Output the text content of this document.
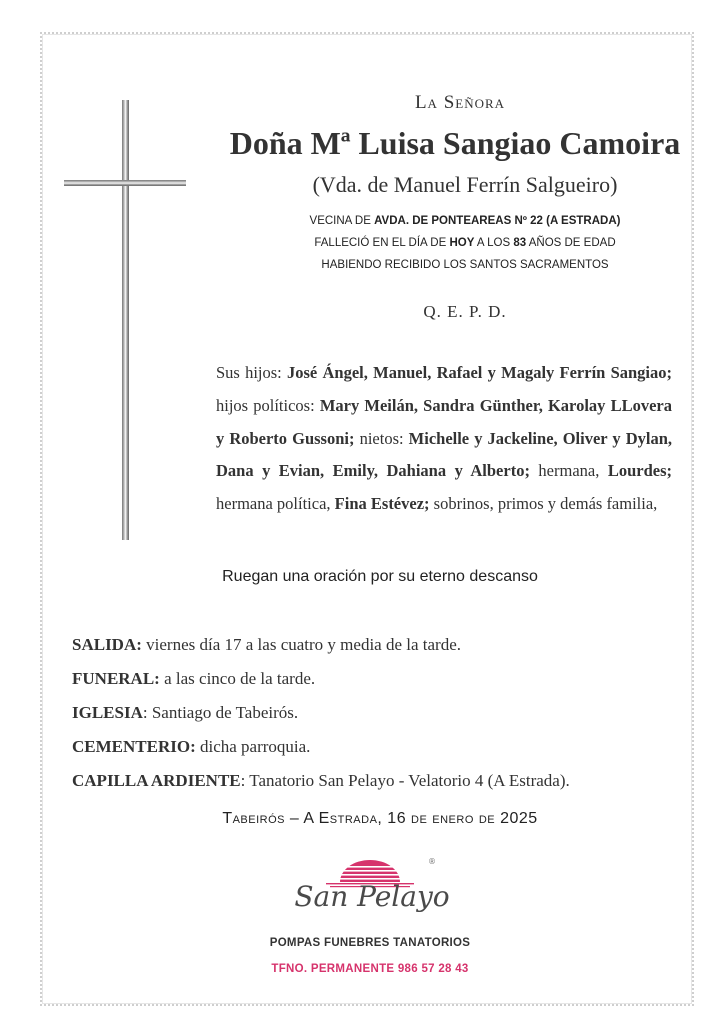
La Señora
Doña Mª Luisa Sangiao Camoira
(Vda. de Manuel Ferrín Salgueiro)
VECINA DE AVDA. DE PONTEAREAS Nº 22 (A ESTRADA)
FALLECIÓ EN EL DÍA DE HOY A LOS 83 AÑOS DE EDAD
HABIENDO RECIBIDO LOS SANTOS SACRAMENTOS
Q. E. P. D.
Sus hijos: José Ángel, Manuel, Rafael y Magaly Ferrín Sangiao; hijos políticos: Mary Meilán, Sandra Günther, Karolay LLovera y Roberto Gussoni; nietos: Michelle y Jackeline, Oliver y Dylan, Dana y Evian, Emily, Dahiana y Alberto; hermana, Lourdes; hermana política, Fina Estévez; sobrinos, primos y demás familia,
Ruegan una oración por su eterno descanso
SALIDA: viernes día 17 a las cuatro y media de la tarde.
FUNERAL: a las cinco de la tarde.
IGLESIA: Santiago de Tabeirós.
CEMENTERIO: dicha parroquia.
CAPILLA ARDIENTE: Tanatorio San Pelayo - Velatorio 4 (A Estrada).
Tabeirós – A Estrada, 16 de enero de 2025
®
San Pelayo
POMPAS FUNEBRES TANATORIOS
TFNO. PERMANENTE 986 57 28 43
